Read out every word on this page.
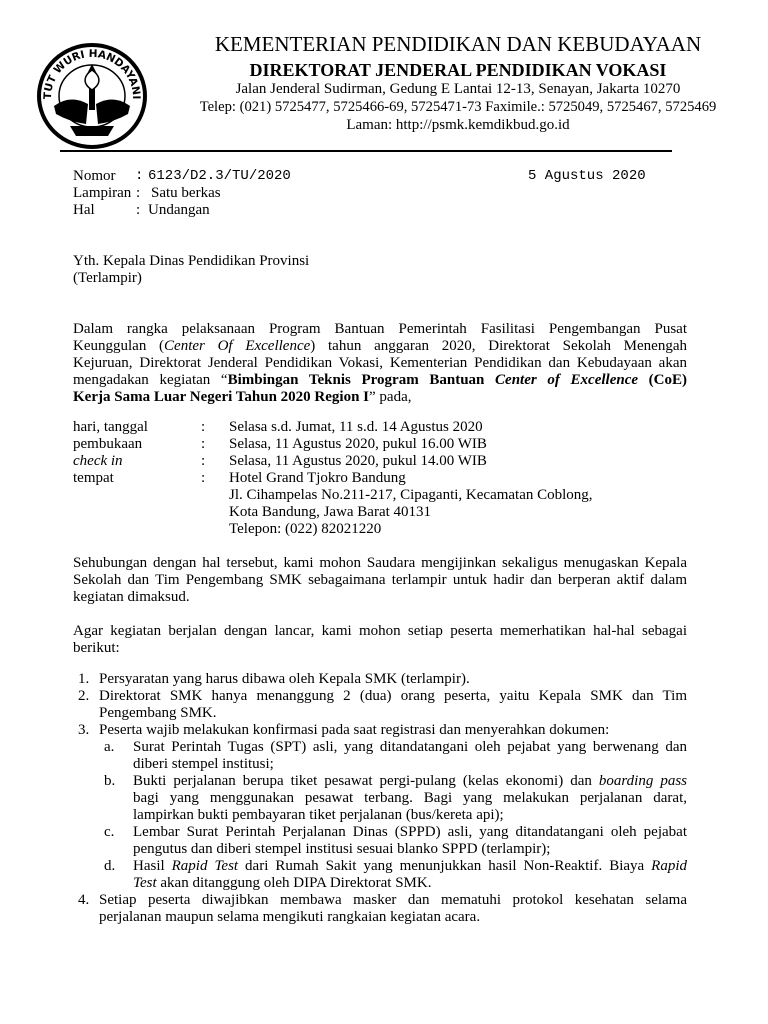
TUT WURI HANDAYANI
KEMENTERIAN PENDIDIKAN DAN KEBUDAYAAN
DIREKTORAT JENDERAL PENDIDIKAN VOKASI
Jalan Jenderal Sudirman, Gedung E Lantai 12-13, Senayan, Jakarta 10270
Telep: (021) 5725477, 5725466-69, 5725471-73 Faximile.: 5725049, 5725467, 5725469
Laman: http://psmk.kemdikbud.go.id
Nomor : 6123/D2.3/TU/2020	5 Agustus 2020
Lampiran : Satu berkas
Hal	: Undangan
Yth. Kepala Dinas Pendidikan Provinsi
(Terlampir)
Dalam rangka pelaksanaan Program Bantuan Pemerintah Fasilitasi Pengembangan Pusat
Keunggulan (Center Of Excellence) tahun anggaran 2020, Direktorat Sekolah Menengah
Kejuruan, Direktorat Jenderal Pendidikan Vokasi, Kementerian Pendidikan dan Kebudayaan akan
mengadakan kegiatan “Bimbingan Teknis Program Bantuan Center of Excellence (CoE)
Kerja Sama Luar Negeri Tahun 2020 Region I” pada,
hari, tanggal	: Selasa s.d. Jumat, 11 s.d. 14 Agustus 2020
pembukaan	: Selasa, 11 Agustus 2020, pukul 16.00 WIB
check in	: Selasa, 11 Agustus 2020, pukul 14.00 WIB
tempat	: Hotel Grand Tjokro Bandung
Jl. Cihampelas No.211-217, Cipaganti, Kecamatan Coblong,
Kota Bandung, Jawa Barat 40131
Telepon: (022) 82021220
Sehubungan dengan hal tersebut, kami mohon Saudara mengijinkan sekaligus menugaskan Kepala
Sekolah dan Tim Pengembang SMK sebagaimana terlampir untuk hadir dan berperan aktif dalam
kegiatan dimaksud.
Agar kegiatan berjalan dengan lancar, kami mohon setiap peserta memerhatikan hal-hal sebagai
berikut:
1. Persyaratan yang harus dibawa oleh Kepala SMK (terlampir).
2. Direktorat SMK hanya menanggung 2 (dua) orang peserta, yaitu Kepala SMK dan Tim
Pengembang SMK.
3. Peserta wajib melakukan konfirmasi pada saat registrasi dan menyerahkan dokumen:
a. Surat Perintah Tugas (SPT) asli, yang ditandatangani oleh pejabat yang berwenang dan
diberi stempel institusi;
b. Bukti perjalanan berupa tiket pesawat pergi-pulang (kelas ekonomi) dan boarding pass
bagi yang menggunakan pesawat terbang. Bagi yang melakukan perjalanan darat,
lampirkan bukti pembayaran tiket perjalanan (bus/kereta api);
c. Lembar Surat Perintah Perjalanan Dinas (SPPD) asli, yang ditandatangani oleh pejabat
pengutus dan diberi stempel institusi sesuai blanko SPPD (terlampir);
d. Hasil Rapid Test dari Rumah Sakit yang menunjukkan hasil Non-Reaktif. Biaya Rapid
Test akan ditanggung oleh DIPA Direktorat SMK.
4. Setiap peserta diwajibkan membawa masker dan mematuhi protokol kesehatan selama
perjalanan maupun selama mengikuti rangkaian kegiatan acara.
